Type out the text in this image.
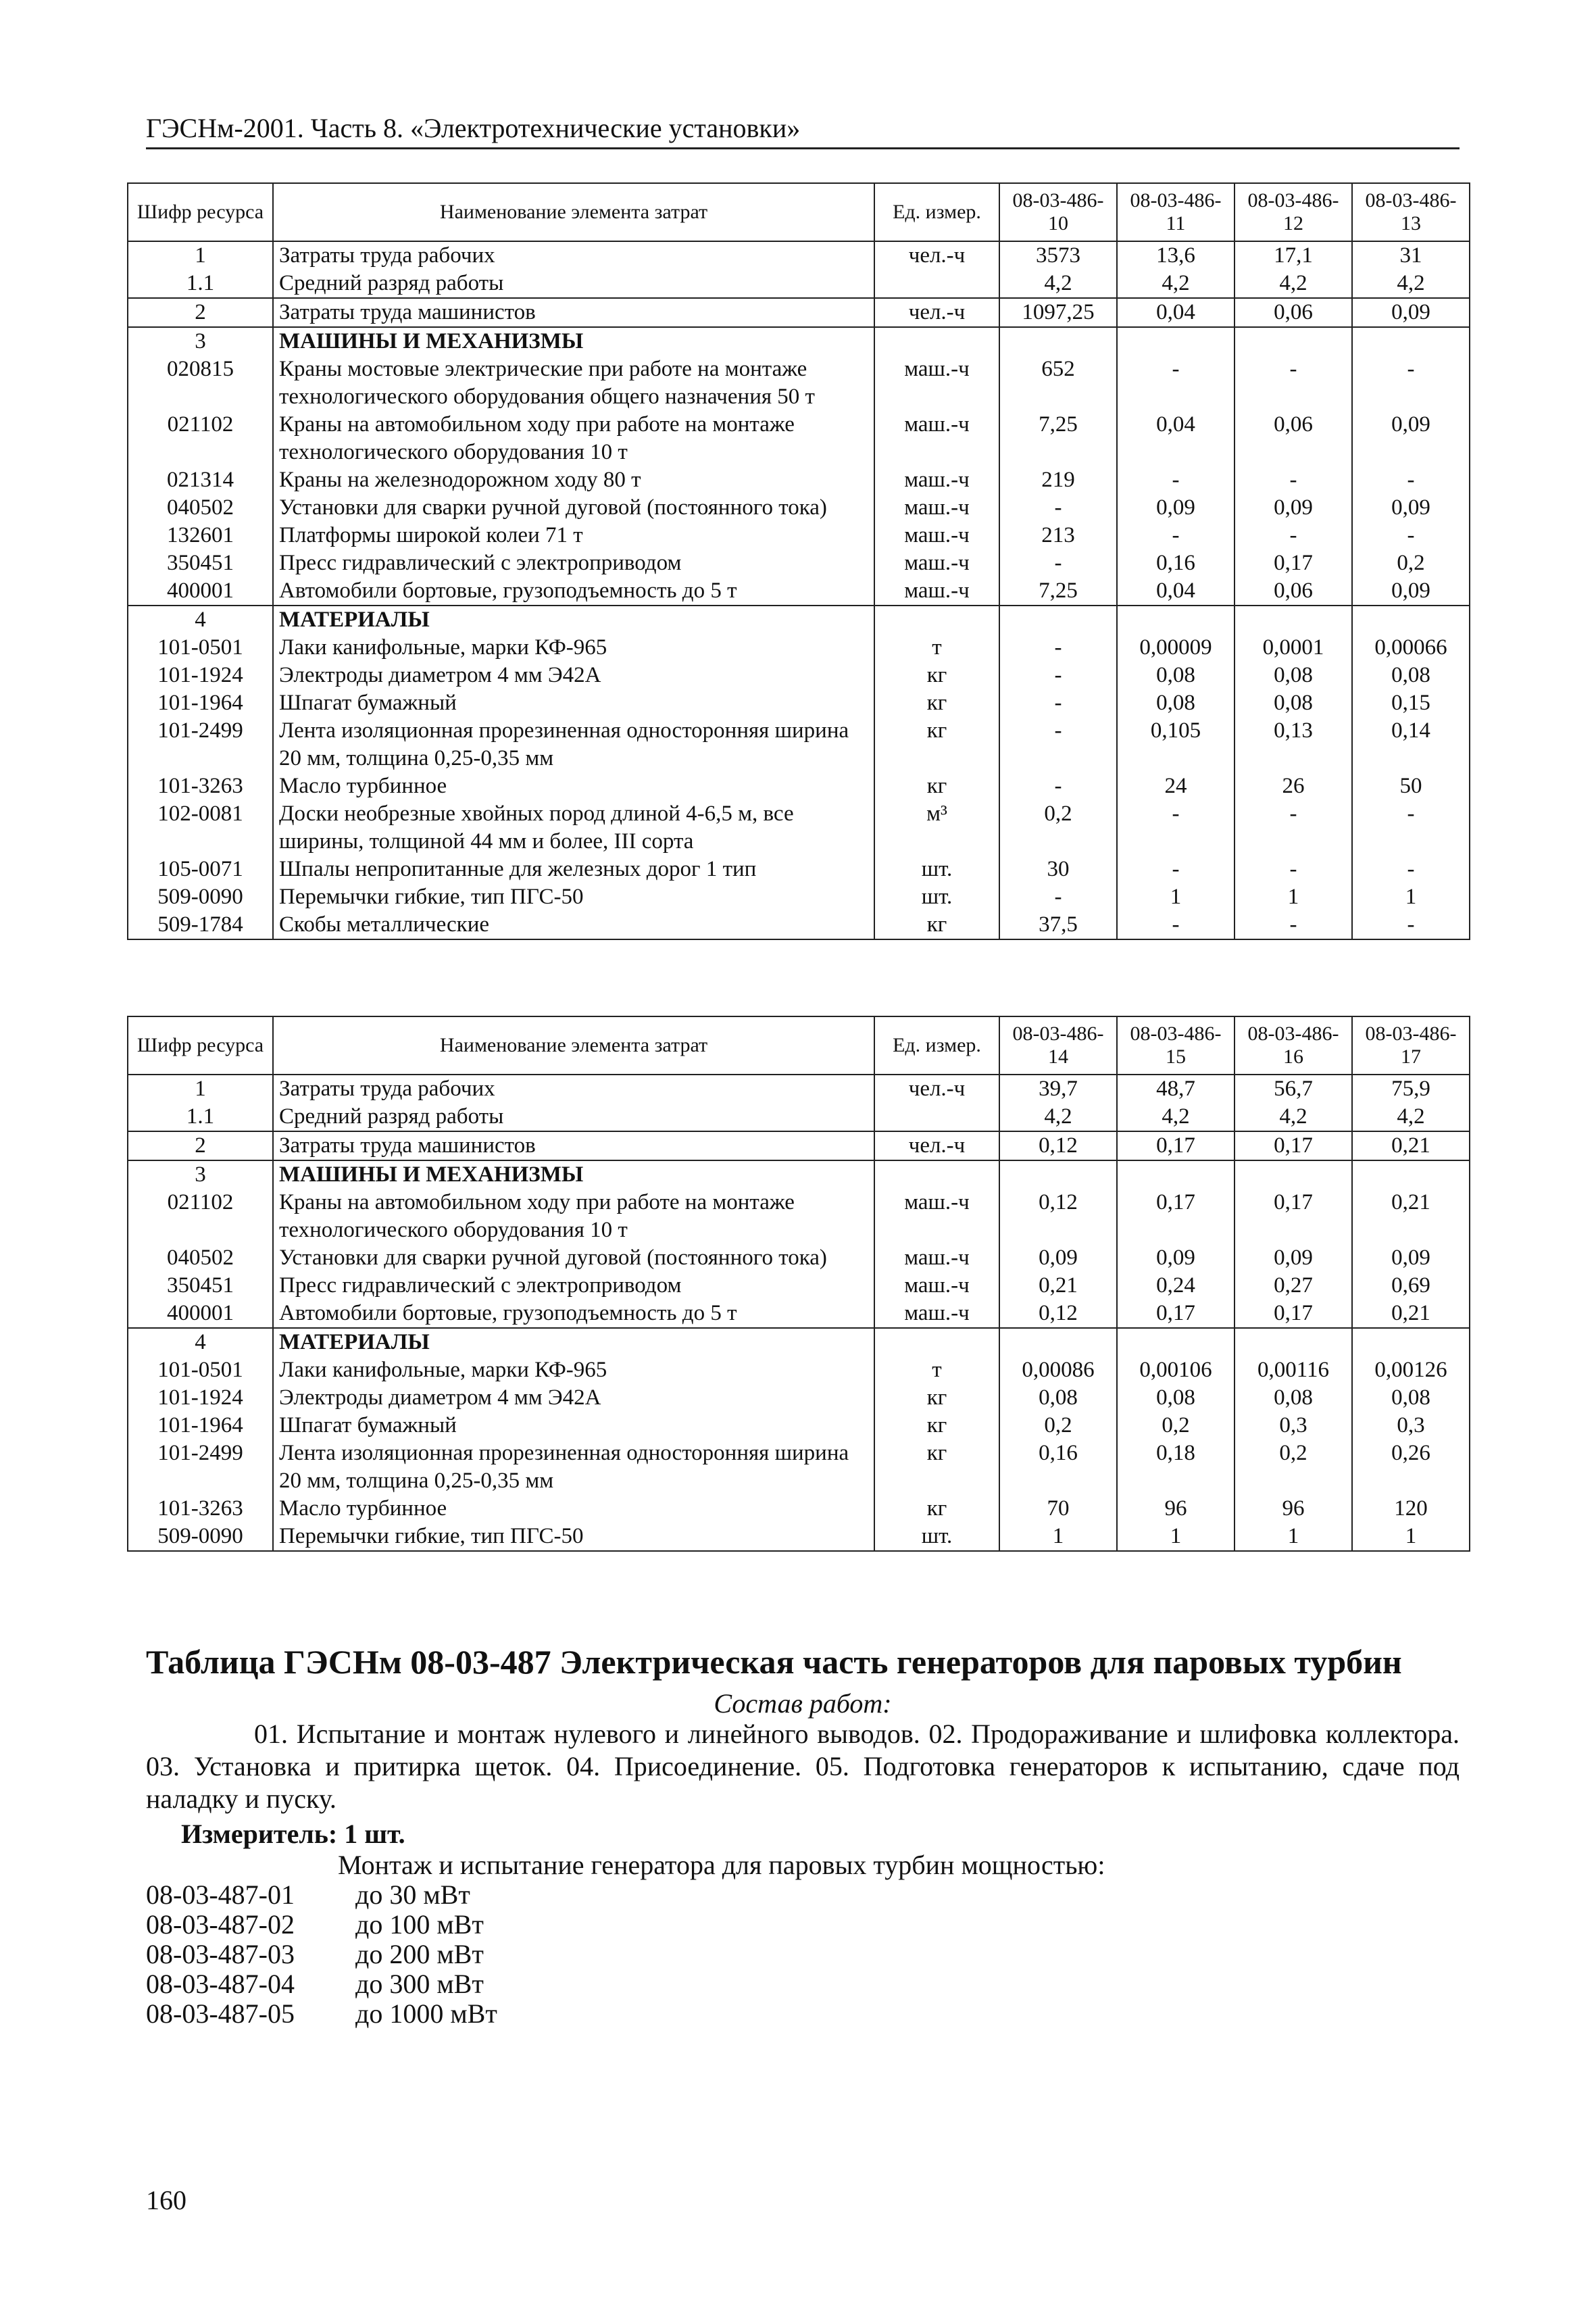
ГЭСНм-2001. Часть 8. «Электротехнические установки»
Шифр ресурса	Наименование элемента затрат	Ед. измер.	08-03-486-10	08-03-486-11	08-03-486-12	08-03-486-13
1	Затраты труда рабочих	чел.-ч	3573	13,6	17,1	31
1.1	Средний разряд работы		4,2	4,2	4,2	4,2
2	Затраты труда машинистов	чел.-ч	1097,25	0,04	0,06	0,09
3	МАШИНЫ И МЕХАНИЗМЫ					
020815	Краны мостовые электрические при работе на монтаже технологического оборудования общего назначения 50 т	маш.-ч	652	-	-	-
021102	Краны на автомобильном ходу при работе на монтаже технологического оборудования 10 т	маш.-ч	7,25	0,04	0,06	0,09
021314	Краны на железнодорожном ходу 80 т	маш.-ч	219	-	-	-
040502	Установки для сварки ручной дуговой (постоянного тока)	маш.-ч	-	0,09	0,09	0,09
132601	Платформы широкой колеи 71 т	маш.-ч	213	-	-	-
350451	Пресс гидравлический с электроприводом	маш.-ч	-	0,16	0,17	0,2
400001	Автомобили бортовые, грузоподъемность до 5 т	маш.-ч	7,25	0,04	0,06	0,09
4	МАТЕРИАЛЫ					
101-0501	Лаки канифольные, марки КФ-965	т	-	0,00009	0,0001	0,00066
101-1924	Электроды диаметром 4 мм Э42А	кг	-	0,08	0,08	0,08
101-1964	Шпагат бумажный	кг	-	0,08	0,08	0,15
101-2499	Лента изоляционная прорезиненная односторонняя ширина 20 мм, толщина 0,25-0,35 мм	кг	-	0,105	0,13	0,14
101-3263	Масло турбинное	кг	-	24	26	50
102-0081	Доски необрезные хвойных пород длиной 4-6,5 м, все ширины, толщиной 44 мм и более, III сорта	м³	0,2	-	-	-
105-0071	Шпалы непропитанные для железных дорог 1 тип	шт.	30	-	-	-
509-0090	Перемычки гибкие, тип ПГС-50	шт.	-	1	1	1
509-1784	Скобы металлические	кг	37,5	-	-	-
Шифр ресурса	Наименование элемента затрат	Ед. измер.	08-03-486-14	08-03-486-15	08-03-486-16	08-03-486-17
1	Затраты труда рабочих	чел.-ч	39,7	48,7	56,7	75,9
1.1	Средний разряд работы		4,2	4,2	4,2	4,2
2	Затраты труда машинистов	чел.-ч	0,12	0,17	0,17	0,21
3	МАШИНЫ И МЕХАНИЗМЫ					
021102	Краны на автомобильном ходу при работе на монтаже технологического оборудования 10 т	маш.-ч	0,12	0,17	0,17	0,21
040502	Установки для сварки ручной дуговой (постоянного тока)	маш.-ч	0,09	0,09	0,09	0,09
350451	Пресс гидравлический с электроприводом	маш.-ч	0,21	0,24	0,27	0,69
400001	Автомобили бортовые, грузоподъемность до 5 т	маш.-ч	0,12	0,17	0,17	0,21
4	МАТЕРИАЛЫ					
101-0501	Лаки канифольные, марки КФ-965	т	0,00086	0,00106	0,00116	0,00126
101-1924	Электроды диаметром 4 мм Э42А	кг	0,08	0,08	0,08	0,08
101-1964	Шпагат бумажный	кг	0,2	0,2	0,3	0,3
101-2499	Лента изоляционная прорезиненная односторонняя ширина 20 мм, толщина 0,25-0,35 мм	кг	0,16	0,18	0,2	0,26
101-3263	Масло турбинное	кг	70	96	96	120
509-0090	Перемычки гибкие, тип ПГС-50	шт.	1	1	1	1
Таблица ГЭСНм 08-03-487 Электрическая часть генераторов для паровых турбин
Состав работ:
01. Испытание и монтаж нулевого и линейного выводов. 02. Продораживание и шлифовка коллектора. 03. Установка и притирка щеток. 04. Присоединение. 05. Подготовка генераторов к испытанию, сдаче под наладку и пуску.
Измеритель: 1 шт.
Монтаж и испытание генератора для паровых турбин мощностью:
08-03-487-01	до 30 мВт
08-03-487-02	до 100 мВт
08-03-487-03	до 200 мВт
08-03-487-04	до 300 мВт
08-03-487-05	до 1000 мВт
160
